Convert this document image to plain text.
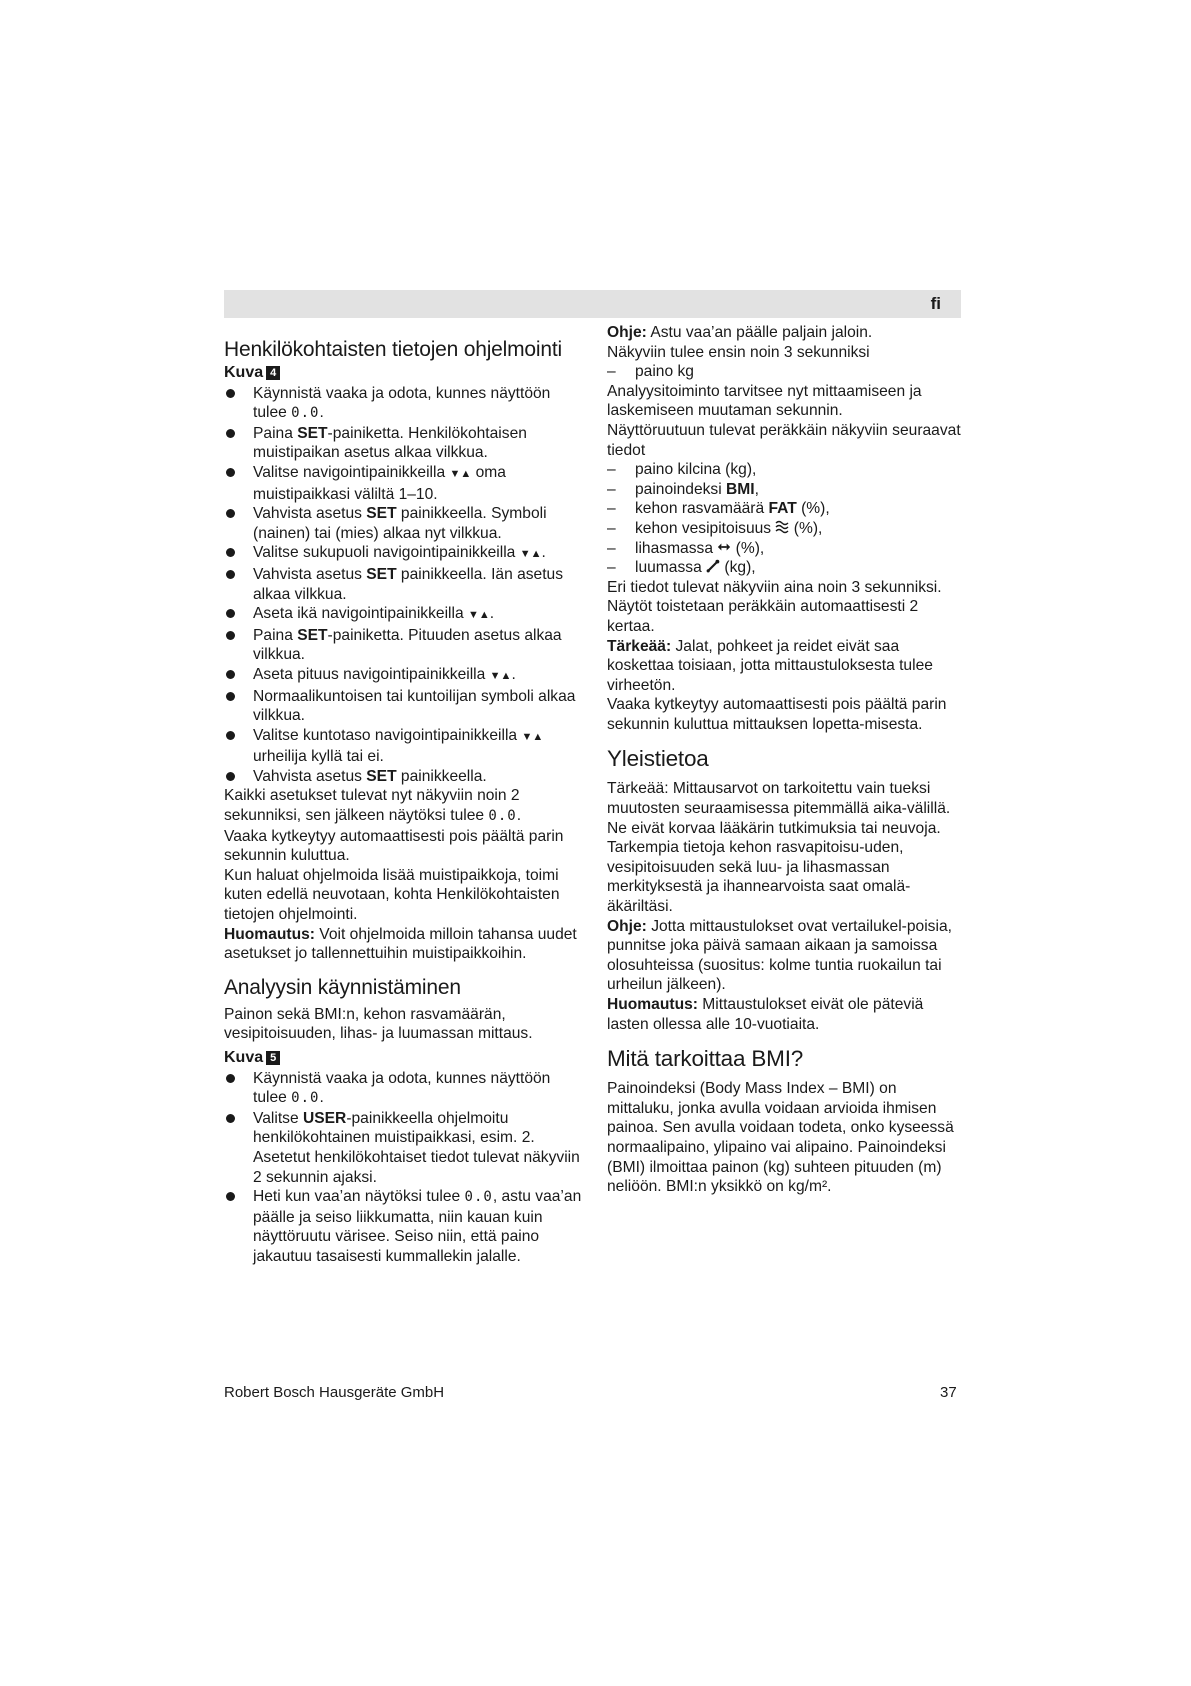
fi
Henkilökohtaisten tietojen ohjelmointi
Kuva 4
Käynnistä vaaka ja odota, kunnes näyttöön tulee 0.0.
Paina SET-painiketta. Henkilökohtaisen muistipaikan asetus alkaa vilkkua.
Valitse navigointipainikkeilla ▼▲ oma muistipaikkasi väliltä 1–10.
Vahvista asetus SET painikkeella. Symboli (nainen) tai (mies) alkaa nyt vilkkua.
Valitse sukupuoli navigointipainikkeilla ▼▲.
Vahvista asetus SET painikkeella. Iän asetus alkaa vilkkua.
Aseta ikä navigointipainikkeilla ▼▲.
Paina SET-painiketta. Pituuden asetus alkaa vilkkua.
Aseta pituus navigointipainikkeilla ▼▲.
Normaalikuntoisen tai kuntoilijan symboli alkaa vilkkua.
Valitse kuntotaso navigointipainikkeilla ▼▲ urheilija kyllä tai ei.
Vahvista asetus SET painikkeella.

Kaikki asetukset tulevat nyt näkyviin noin 2 sekunniksi, sen jälkeen näytöksi tulee 0.0.

Vaaka kytkeytyy automaattisesti pois päältä parin sekunnin kuluttua.

Kun haluat ohjelmoida lisää muistipaikkoja, toimi kuten edellä neuvotaan, kohta Henkilökohtaisten tietojen ohjelmointi.

Huomautus: Voit ohjelmoida milloin tahansa uudet asetukset jo tallennettuihin muistipaikkoihin.

Analyysin käynnistäminen

Painon sekä BMI:n, kehon rasvamäärän, vesipitoisuuden, lihas- ja luumassan mittaus.

Kuva 5
Käynnistä vaaka ja odota, kunnes näyttöön tulee 0.0.
Valitse USER-painikkeella ohjelmoitu henkilökohtainen muistipaikkasi, esim. 2. Asetetut henkilökohtaiset tiedot tulevat näkyviin 2 sekunnin ajaksi.
Heti kun vaa’an näytöksi tulee 0.0, astu vaa’an päälle ja seiso liikkumatta, niin kauan kuin näyttöruutu värisee. Seiso niin, että paino jakautuu tasaisesti kummallekin jalalle.

Ohje: Astu vaa’an päälle paljain jaloin.

Näkyviin tulee ensin noin 3 sekunniksi

– paino kg

Analyysitoiminto tarvitsee nyt mittaamiseen ja laskemiseen muutaman sekunnin.

Näyttöruutuun tulevat peräkkäin näkyviin seuraavat tiedot

– paino kilcina (kg),
– painoindeksi BMI,
– kehon rasvamäärä FAT (%),
– kehon vesipitoisuus  (%),
– lihasmassa  (%),
– luumassa  (kg),

Eri tiedot tulevat näkyviin aina noin 3 sekunniksi.

Näytöt toistetaan peräkkäin automaattisesti 2 kertaa.

Tärkeää: Jalat, pohkeet ja reidet eivät saa koskettaa toisiaan, jotta mittaustuloksesta tulee virheetön.

Vaaka kytkeytyy automaattisesti pois päältä parin sekunnin kuluttua mittauksen lopetta-misesta.

Yleistietoa

Tärkeää: Mittausarvot on tarkoitettu vain tueksi muutosten seuraamisessa pitemmällä aika-välillä. Ne eivät korvaa lääkärin tutkimuksia tai neuvoja. Tarkempia tietoja kehon rasvapitoisu-uden, vesipitoisuuden sekä luu- ja lihasmassan merkityksestä ja ihannearvoista saat omalä-äkäriltäsi.

Ohje: Jotta mittaustulokset ovat vertailukel-poisia, punnitse joka päivä samaan aikaan ja samoissa olosuhteissa (suositus: kolme tuntia ruokailun tai urheilun jälkeen).

Huomautus: Mittaustulokset eivät ole päteviä lasten ollessa alle 10-vuotiaita.

Mitä tarkoittaa BMI?

Painoindeksi (Body Mass Index – BMI) on mittaluku, jonka avulla voidaan arvioida ihmisen painoa. Sen avulla voidaan todeta, onko kyseessä normaalipaino, ylipaino vai alipaino. Painoindeksi (BMI) ilmoittaa painon (kg) suhteen pituuden (m) neliöön. BMI:n yksikkö on kg/m².

Robert Bosch Hausgeräte GmbH	37
